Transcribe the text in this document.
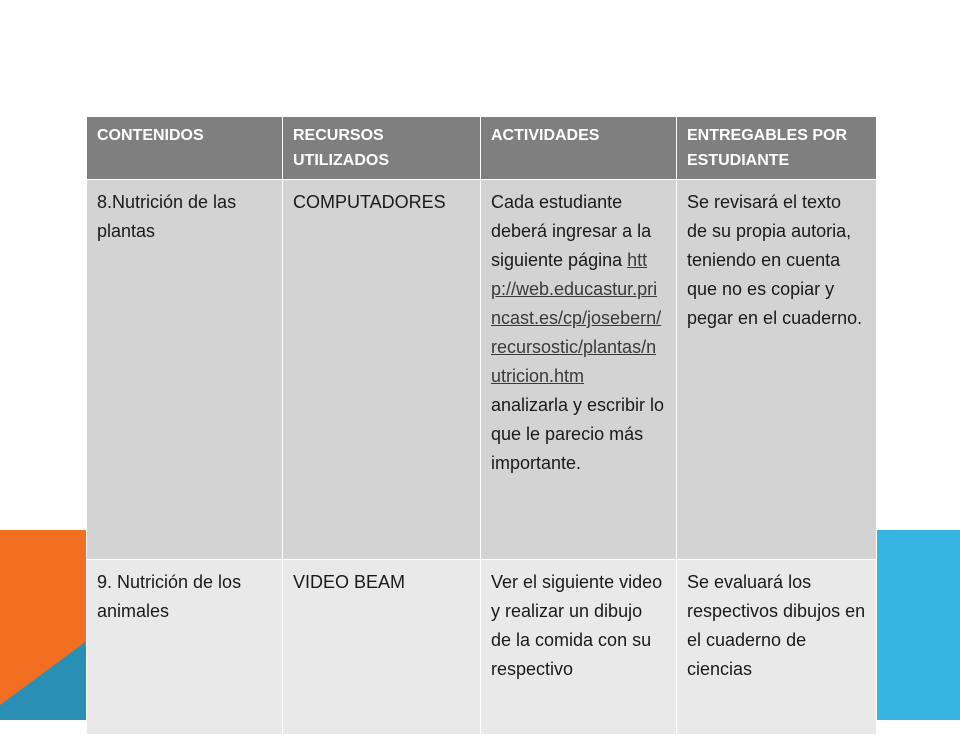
CONTENIDOS	RECURSOS UTILIZADOS	ACTIVIDADES	ENTREGABLES POR ESTUDIANTE
8.Nutrición de las plantas	COMPUTADORES	Cada estudiante deberá ingresar a la siguiente página http://web.educastur.princast.es/cp/josebern/recursostic/plantas/nutricion.htm analizarla y escribir lo que le parecio más importante.	Se revisará el texto de su propia autoria, teniendo en cuenta que no es copiar y pegar en el cuaderno.
9. Nutrición de los animales	VIDEO BEAM	Ver el siguiente video y realizar un dibujo de la comida con su respectivo	Se evaluará los respectivos dibujos en el cuaderno de ciencias
